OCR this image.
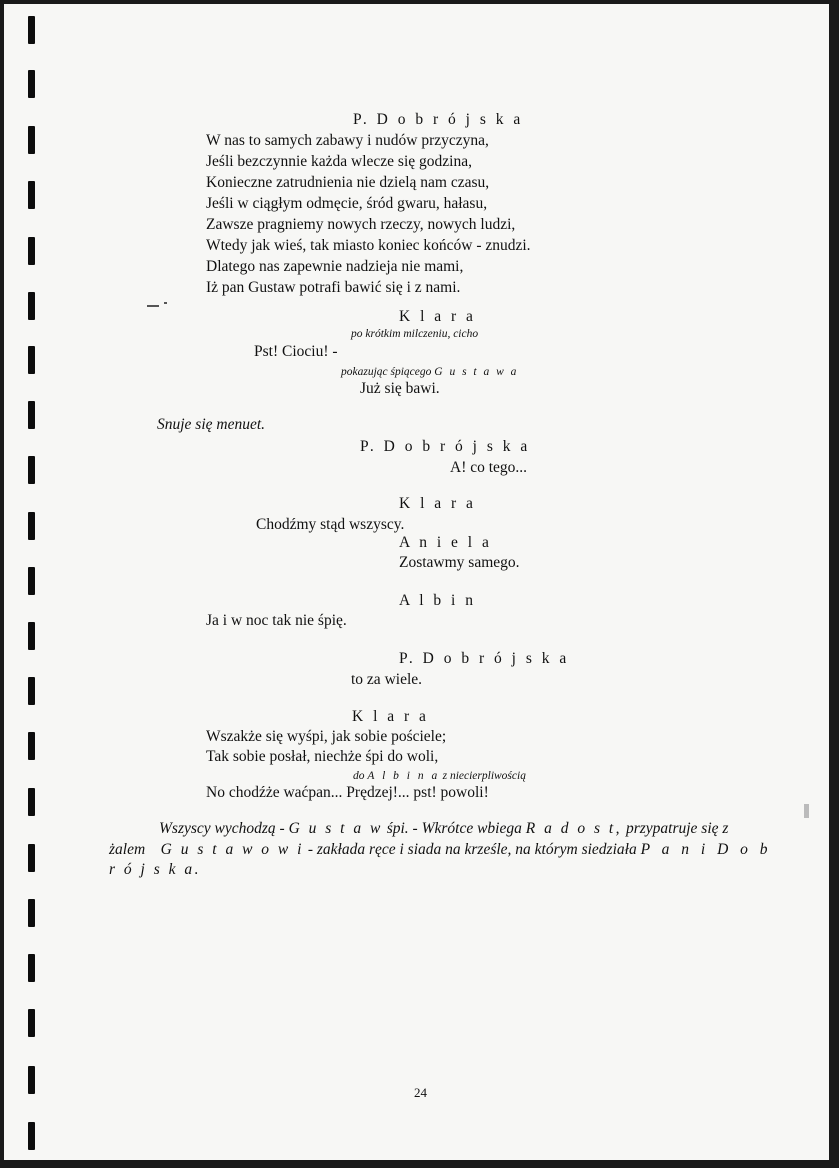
P. D o b r ó j s k a
W nas to samych zabawy i nudów przyczyna,
Jeśli bezczynnie każda wlecze się godzina,
Konieczne zatrudnienia nie dzielą nam czasu,
Jeśli w ciągłym odmęcie, śród gwaru, hałasu,
Zawsze pragniemy nowych rzeczy, nowych ludzi,
Wtedy jak wieś, tak miasto koniec końców - znudzi.
Dlatego nas zapewnie nadzieja nie mami,
Iż pan Gustaw potrafi bawić się i z nami.
K l a r a
po krótkim milczeniu, cicho
Pst! Ciociu! -
pokazując śpiącego G u s t a w a
Już się bawi.
Snuje się menuet.
P. D o b r ó j s k a
A! co tego...
K l a r a
Chodźmy stąd wszyscy.
A n i e l a
Zostawmy samego.
A l b i n
Ja i w noc tak nie śpię.
P. D o b r ó j s k a
to za wiele.
K l a r a
Wszakże się wyśpi, jak sobie pościele;
Tak sobie posłał, niechże śpi do woli,
do A l b i n a z niecierpliwością
No chodźże waćpan... Prędzej!... pst! powoli!
Wszyscy wychodzą - G u s t a w śpi. - Wkrótce wbiega R a d o s t, przypatruje się z
żalem G u s t a w o w i - zakłada ręce i siada na krześle, na którym siedziała P a n i D o b
r ó j s k a.
24
